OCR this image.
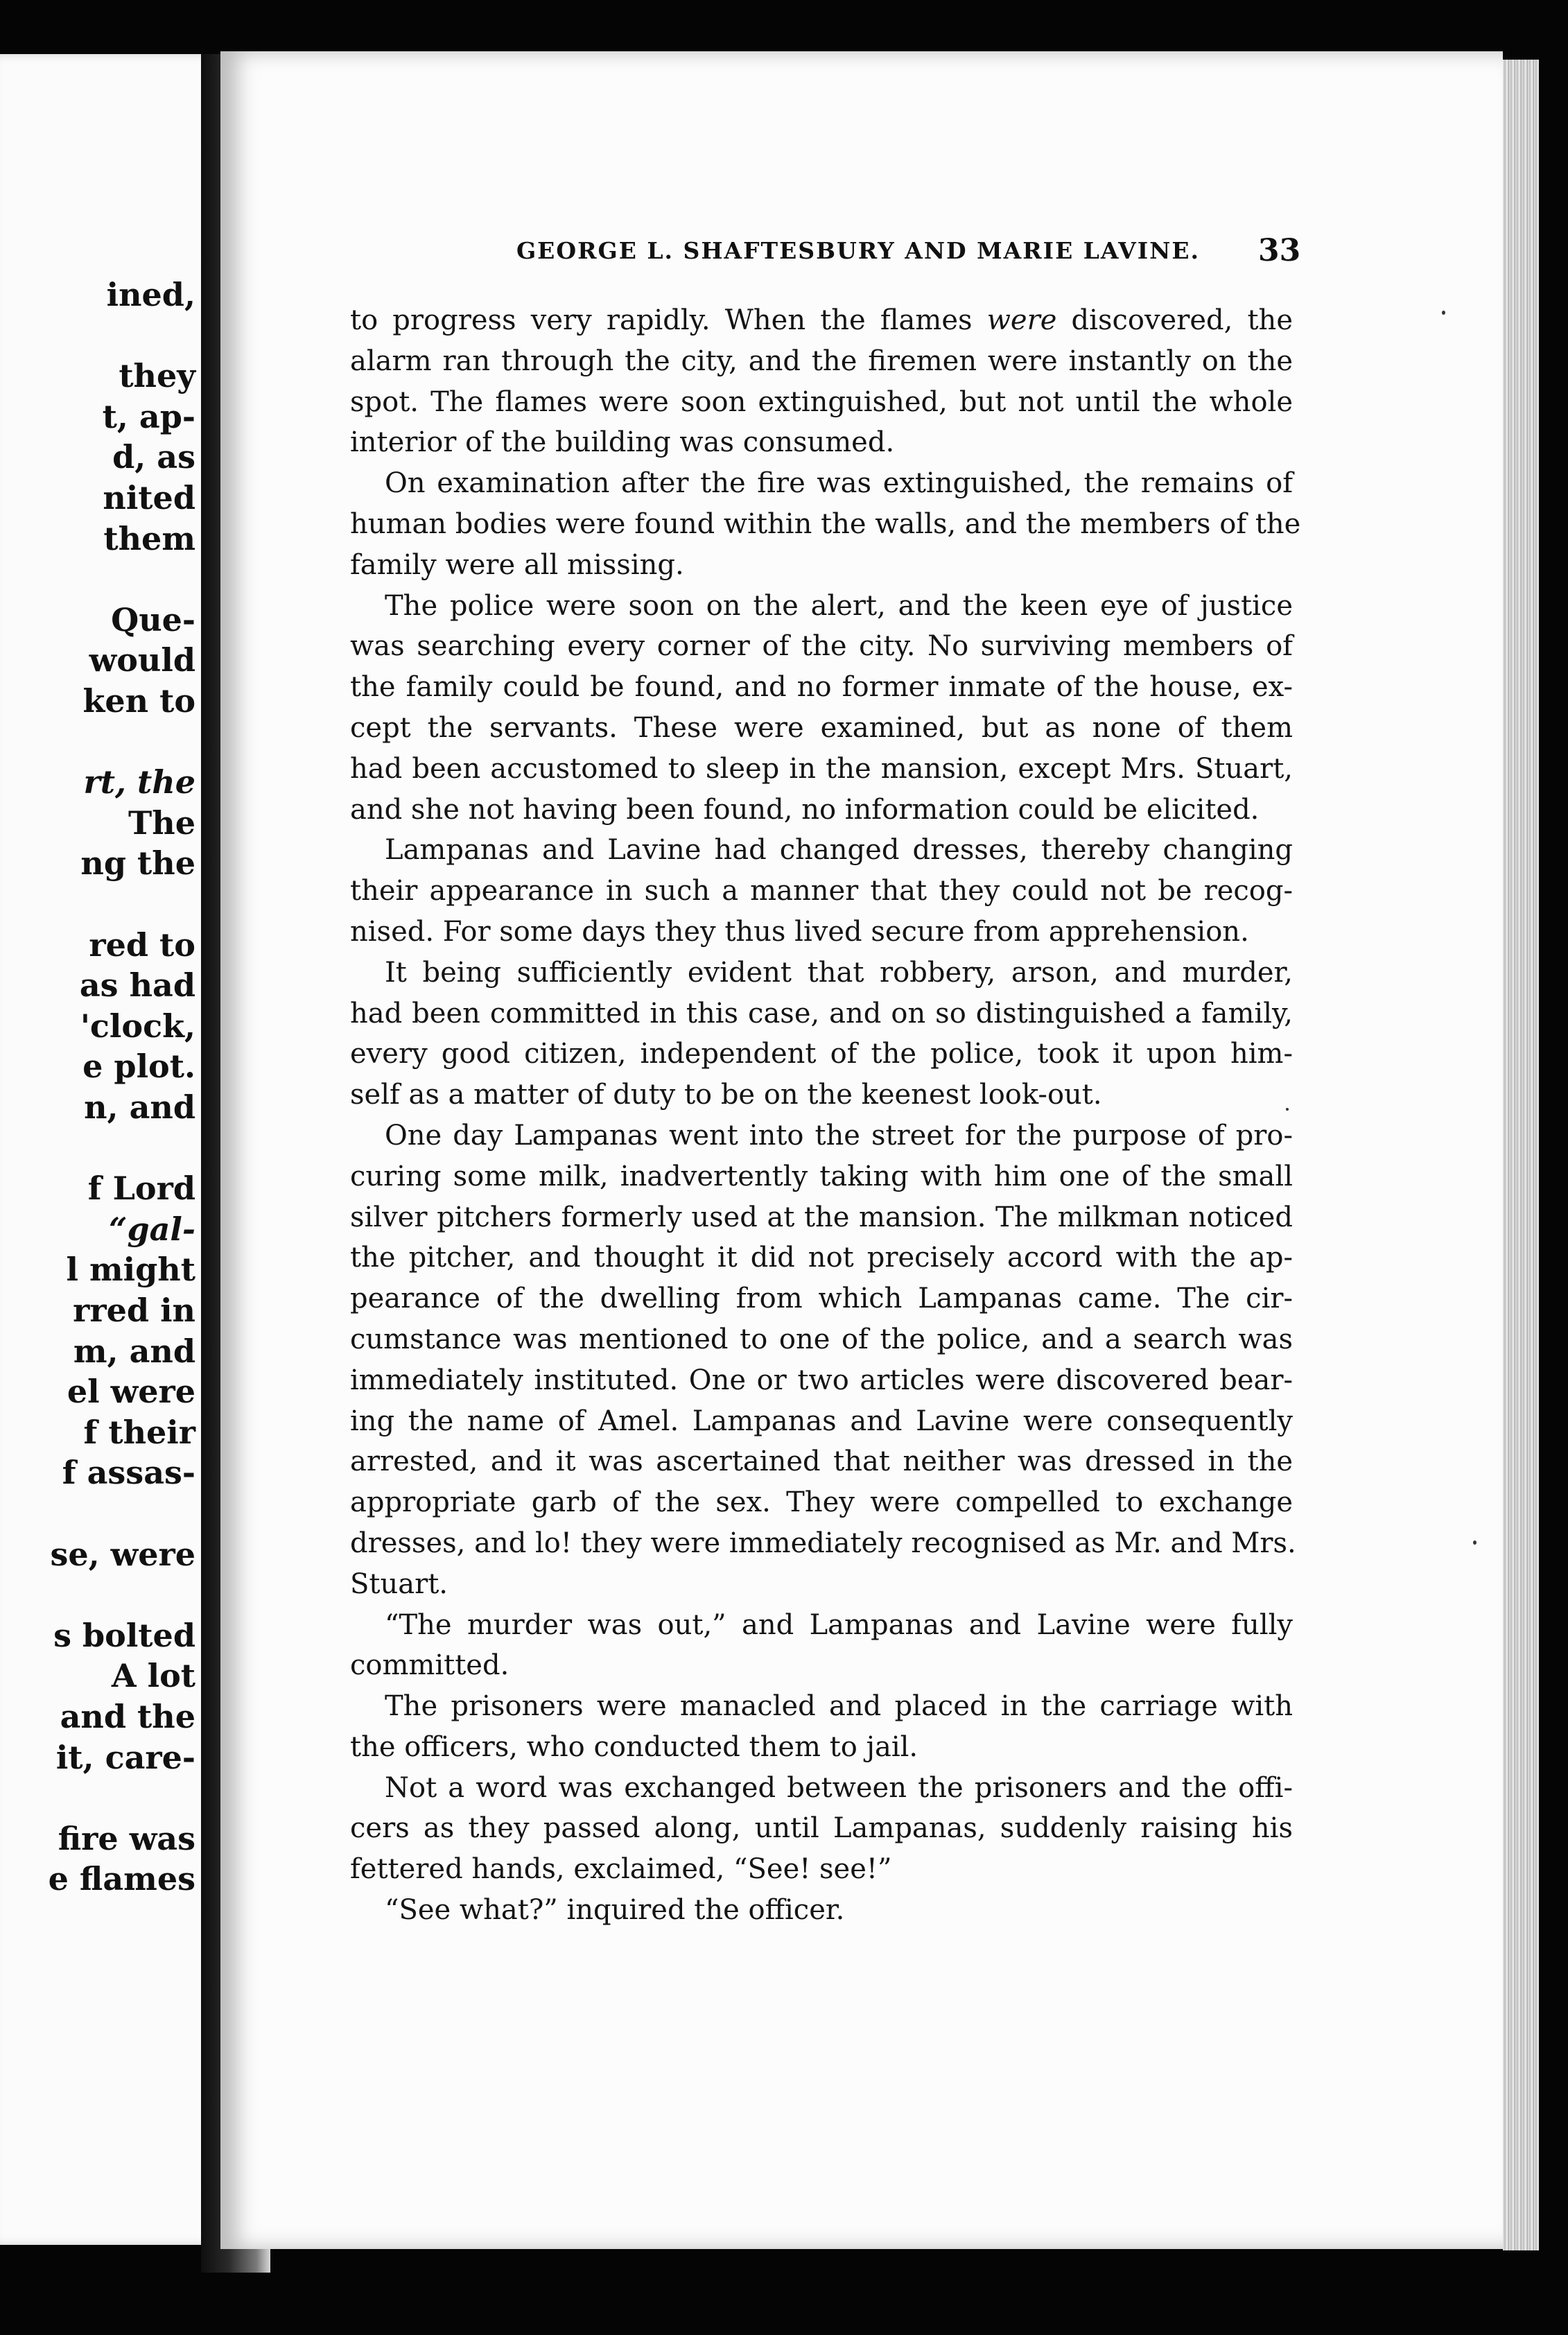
ined,
they
t, ap-
d, as
nited
them
Que-
would
ken to
rt, the
The
ng the
red to
as had
'clock,
e plot.
n, and
f Lord
“gal-
l might
rred in
m, and
el were
f their
f assas-
se, were
s bolted
A lot
and the
it, care-
fire was
e flames
GEORGE L. SHAFTESBURY AND MARIE LAVINE. 33
to progress very rapidly. When the flames were discovered, the
alarm ran through the city, and the firemen were instantly on the
spot. The flames were soon extinguished, but not until the whole
interior of the building was consumed.
On examination after the fire was extinguished, the remains of
human bodies were found within the walls, and the members of the
family were all missing.
The police were soon on the alert, and the keen eye of justice
was searching every corner of the city. No surviving members of
the family could be found, and no former inmate of the house, ex-
cept the servants. These were examined, but as none of them
had been accustomed to sleep in the mansion, except Mrs. Stuart,
and she not having been found, no information could be elicited.
Lampanas and Lavine had changed dresses, thereby changing
their appearance in such a manner that they could not be recog-
nised. For some days they thus lived secure from apprehension.
It being sufficiently evident that robbery, arson, and murder,
had been committed in this case, and on so distinguished a family,
every good citizen, independent of the police, took it upon him-
self as a matter of duty to be on the keenest look-out.
One day Lampanas went into the street for the purpose of pro-
curing some milk, inadvertently taking with him one of the small
silver pitchers formerly used at the mansion. The milkman noticed
the pitcher, and thought it did not precisely accord with the ap-
pearance of the dwelling from which Lampanas came. The cir-
cumstance was mentioned to one of the police, and a search was
immediately instituted. One or two articles were discovered bear-
ing the name of Amel. Lampanas and Lavine were consequently
arrested, and it was ascertained that neither was dressed in the
appropriate garb of the sex. They were compelled to exchange
dresses, and lo! they were immediately recognised as Mr. and Mrs.
Stuart.
“The murder was out,” and Lampanas and Lavine were fully
committed.
The prisoners were manacled and placed in the carriage with
the officers, who conducted them to jail.
Not a word was exchanged between the prisoners and the offi-
cers as they passed along, until Lampanas, suddenly raising his
fettered hands, exclaimed, “See! see!”
“See what?” inquired the officer.
